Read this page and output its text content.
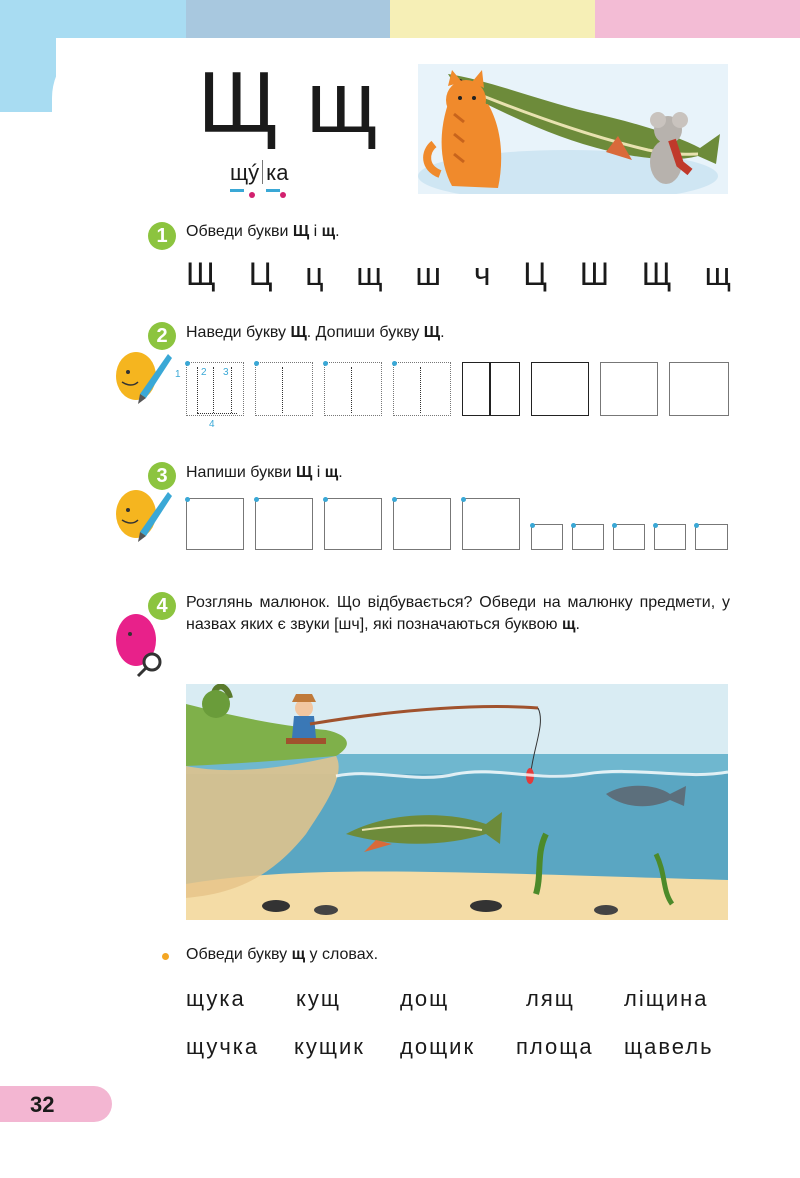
Щ щ
щý ка
1	Обведи букви Щ і щ.
Щ Ц ц щ ш ч Ц Ш Щ щ
2	Наведи букву Щ. Допиши букву Щ.
1 2 3
4
3	Напиши букви Щ і щ.
4	Розглянь малюнок. Що відбувається? Обведи на малюнку предмети, у назвах яких є звуки [шч], які позначаються буквою щ.
Обведи букву щ у словах.
щука кущ	дощ	лящ ліщина
щучка кущик дощик площа щавель
32
